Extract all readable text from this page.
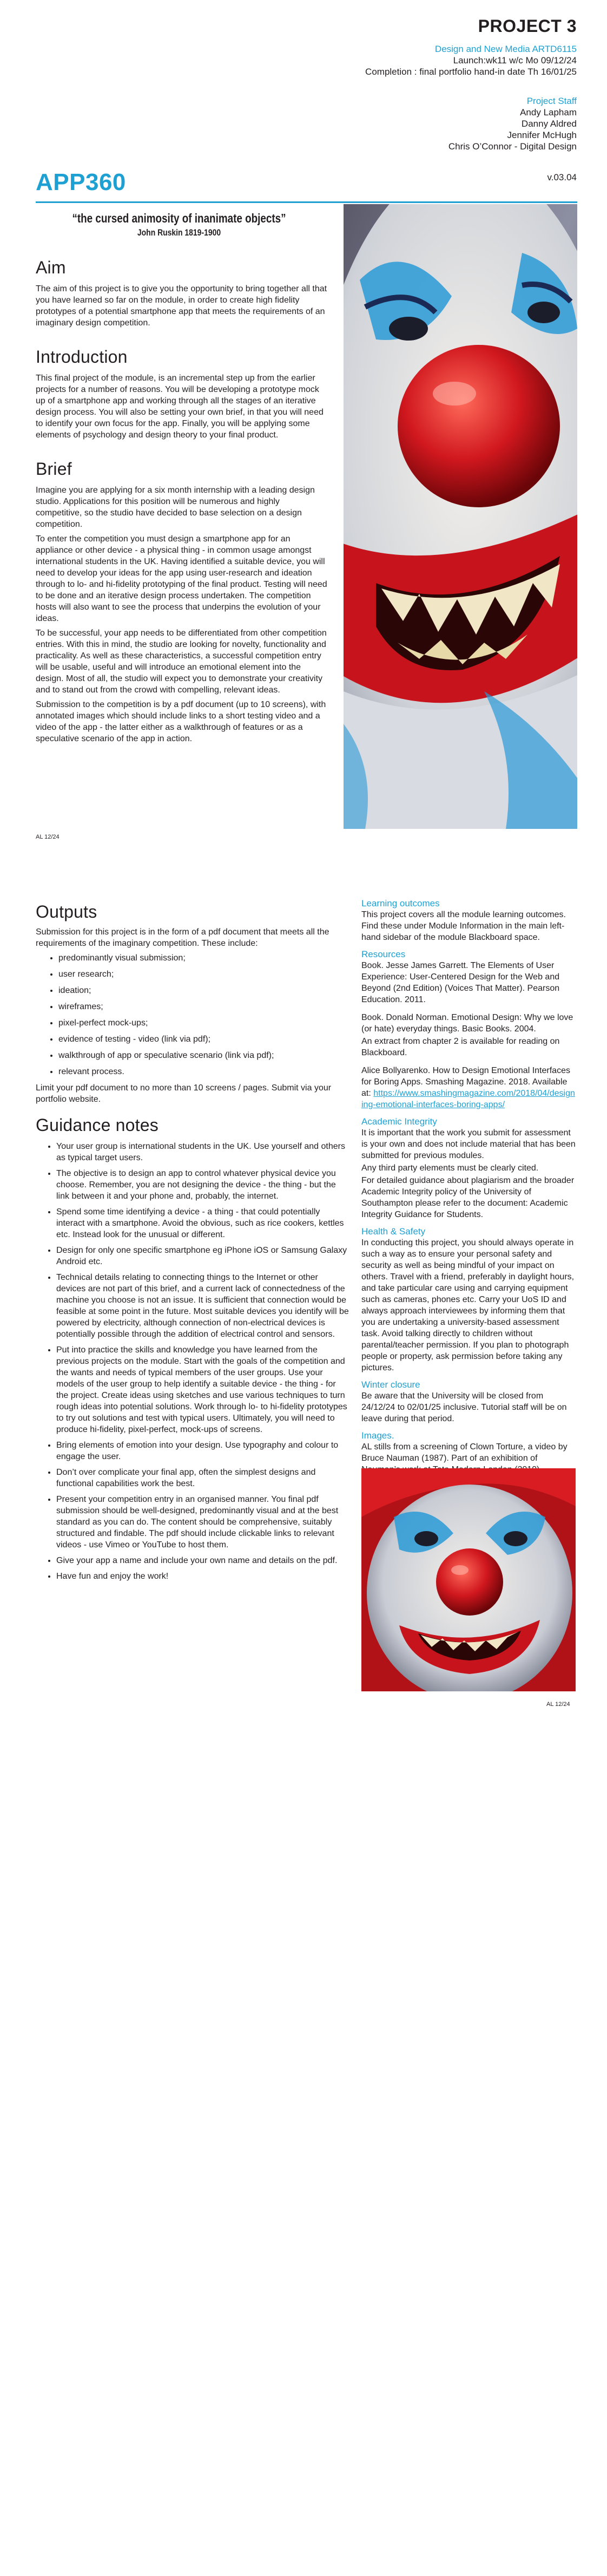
PROJECT 3
Design and New Media ARTD6115
Launch:wk11 w/c Mo 09/12/24
Completion : final portfolio hand-in date Th 16/01/25
Project Staff
Andy Lapham
Danny Aldred
Jennifer McHugh
Chris O’Connor - Digital Design
v.03.04
APP360
“the cursed animosity of inanimate objects”
John Ruskin 1819-1900
Aim

The aim of this project is to give you the opportunity to bring together all that you have learned so far on the module, in order to create high fidelity prototypes of a potential smartphone app that meets the requirements of an imaginary design competition.

Introduction

This final project of the module, is an incremental step up from the earlier projects for a number of reasons. You will be developing a prototype mock up of a smartphone app and working through all the stages of an iterative design process. You will also be setting your own brief, in that you will need to identify your own focus for the app. Finally, you will be applying some elements of psychology and design theory to your final product.

Brief

Imagine you are applying for a six month internship with a leading design studio. Applications for this position will be numerous and highly competitive, so the studio have decided to base selection on a design competition.

To enter the competition you must design a smartphone app for an appliance or other device - a physical thing - in common usage amongst international students in the UK. Having identified a suitable device, you will need to develop your ideas for the app using user-research and ideation through to lo- and hi-fidelity prototyping of the final product. Testing will need to be done and an iterative design process undertaken. The competition hosts will also want to see the process that underpins the evolution of your ideas.

To be successful, your app needs to be differentiated from other competition entries. With this in mind, the studio are looking for novelty, functionality and practicality. As well as these characteristics, a successful competition entry will be usable, useful and will introduce an emotional element into the design. Most of all, the studio will expect you to demonstrate your creativity and to stand out from the crowd with compelling, relevant ideas.

Submission to the competition is by a pdf document (up to 10 screens), with annotated images which should include links to a short testing video and a video of the app - the latter either as a walkthrough of features or as a speculative scenario of the app in action.

AL 12/24
Outputs

Submission for this project is in the form of a pdf document that meets all the requirements of the imaginary competition. These include:

• predominantly visual submission;
• user research;
• ideation;
• wireframes;
• pixel-perfect mock-ups;
• evidence of testing - video (link via pdf);
• walkthrough of app or speculative scenario (link via pdf);
• relevant process.

Limit your pdf document to no more than 10 screens / pages. Submit via your portfolio website.

Guidance notes
• Your user group is international students in the UK. Use yourself and others as typical target users.
• The objective is to design an app to control whatever physical device you choose. Remember, you are not designing the device - the thing - but the link between it and your phone and, probably, the internet.
• Spend some time identifying a device - a thing - that could potentially interact with a smartphone. Avoid the obvious, such as rice cookers, kettles etc. Instead look for the unusual or different.
• Design for only one specific smartphone eg iPhone iOS or Samsung Galaxy Android etc.
• Technical details relating to connecting things to the Internet or other devices are not part of this brief, and a current lack of connectedness of the machine you choose is not an issue. It is sufficient that connection would be feasible at some point in the future. Most suitable devices you identify will be powered by electricity, although connection of non-electrical devices is potentially possible through the addition of electrical control and sensors.
• Put into practice the skills and knowledge you have learned from the previous projects on the module. Start with the goals of the competition and the wants and needs of typical members of the user groups. Use your models of the user group to help identify a suitable device - the thing - for the project. Create ideas using sketches and use various techniques to turn rough ideas into potential solutions. Work through lo- to hi-fidelity prototypes to try out solutions and test with typical users. Ultimately, you will need to produce hi-fidelity, pixel-perfect, mock-ups of screens.
• Bring elements of emotion into your design. Use typography and colour to engage the user.
• Don’t over complicate your final app, often the simplest designs and functional capabilities work the best.
• Present your competition entry in an organised manner. You final pdf submission should be well-designed, predominantly visual and at the best standard as you can do. The content should be comprehensive, suitably structured and findable. The pdf should include clickable links to relevant videos - use Vimeo or YouTube to host them.
• Give your app a name and include your own name and details on the pdf.
• Have fun and enjoy the work!
Learning outcomes

This project covers all the module learning outcomes. Find these under Module Information in the main left-hand sidebar of the module Blackboard space.

Resources

Book. Jesse James Garrett. The Elements of User Experience: User-Centered Design for the Web and Beyond (2nd Edition) (Voices That Matter). Pearson Education. 2011.

Book. Donald Norman. Emotional Design: Why we love (or hate) everyday things. Basic Books. 2004.

An extract from chapter 2 is available for reading on Blackboard.

Alice Bollyarenko. How to Design Emotional Interfaces for Boring Apps. Smashing Magazine. 2018. Available at: https://www.smashingmagazine.com/2018/04/designing-emotional-interfaces-boring-apps/

Academic Integrity

It is important that the work you submit for assessment is your own and does not include material that has been submitted for previous modules.

Any third party elements must be clearly cited.

For detailed guidance about plagiarism and the broader Academic Integrity policy of the University of Southampton please refer to the document: Academic Integrity Guidance for Students.

Health & Safety

In conducting this project, you should always operate in such a way as to ensure your personal safety and security as well as being mindful of your impact on others. Travel with a friend, preferably in daylight hours, and take particular care using and carrying equipment such as cameras, phones etc. Carry your UoS ID and always approach interviewees by informing them that you are undertaking a university-based assessment task. Avoid talking directly to children without parental/teacher permission. If you plan to photograph people or property, ask permission before taking any pictures.

Winter closure

Be aware that the University will be closed from 24/12/24 to 02/01/25 inclusive. Tutorial staff will be on leave during that period.

Images.

AL stills from a screening of Clown Torture, a video by Bruce Nauman (1987). Part of an exhibition of

AL 12/24
